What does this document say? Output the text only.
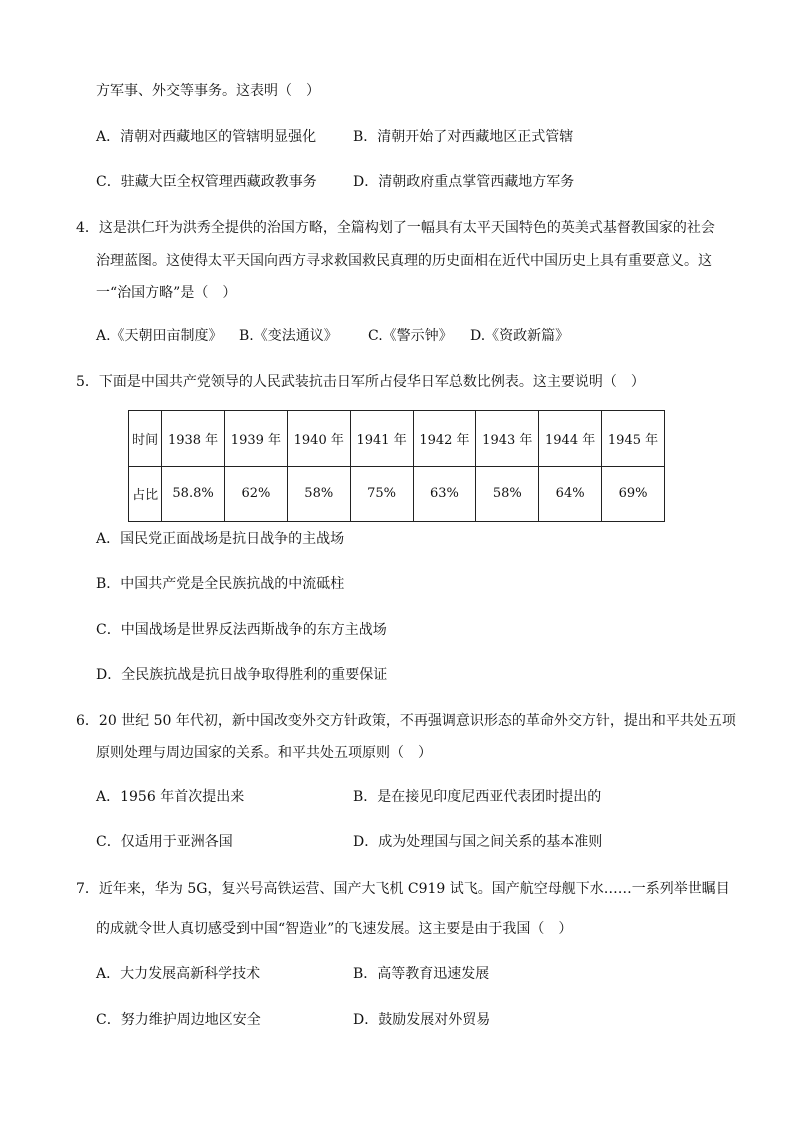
方军事、外交等事务。这表明（　）
A．清朝对西藏地区的管辖明显强化	B．清朝开始了对西藏地区正式管辖
C．驻藏大臣全权管理西藏政教事务	D．清朝政府重点掌管西藏地方军务
4．这是洪仁玕为洪秀全提供的治国方略，全篇构划了一幅具有太平天国特色的英美式基督教国家的社会
治理蓝图。这使得太平天国向西方寻求救国救民真理的历史面相在近代中国历史上具有重要意义。这
一“治国方略”是（　）
A.《天朝田亩制度》 B.《变法通议》 C.《警示钟》 D.《资政新篇》
5．下面是中国共产党领导的人民武装抗击日军所占侵华日军总数比例表。这主要说明（　）
时间	1938 年	1939 年	1940 年	1941 年	1942 年	1943 年	1944 年	1945 年
占比	58.8%	62%	58%	75%	63%	58%	64%	69%
A．国民党正面战场是抗日战争的主战场
B．中国共产党是全民族抗战的中流砥柱
C．中国战场是世界反法西斯战争的东方主战场
D．全民族抗战是抗日战争取得胜利的重要保证
6．20 世纪 50 年代初，新中国改变外交方针政策，不再强调意识形态的革命外交方针，提出和平共处五项
原则处理与周边国家的关系。和平共处五项原则（　）
A．1956 年首次提出来	B．是在接见印度尼西亚代表团时提出的
C．仅适用于亚洲各国	D．成为处理国与国之间关系的基本准则
7．近年来，华为 5G，复兴号高铁运营、国产大飞机 C919 试飞。国产航空母舰下水……一系列举世瞩目
的成就令世人真切感受到中国“智造业”的飞速发展。这主要是由于我国（　）
A．大力发展高新科学技术	B．高等教育迅速发展
C．努力维护周边地区安全	D．鼓励发展对外贸易
